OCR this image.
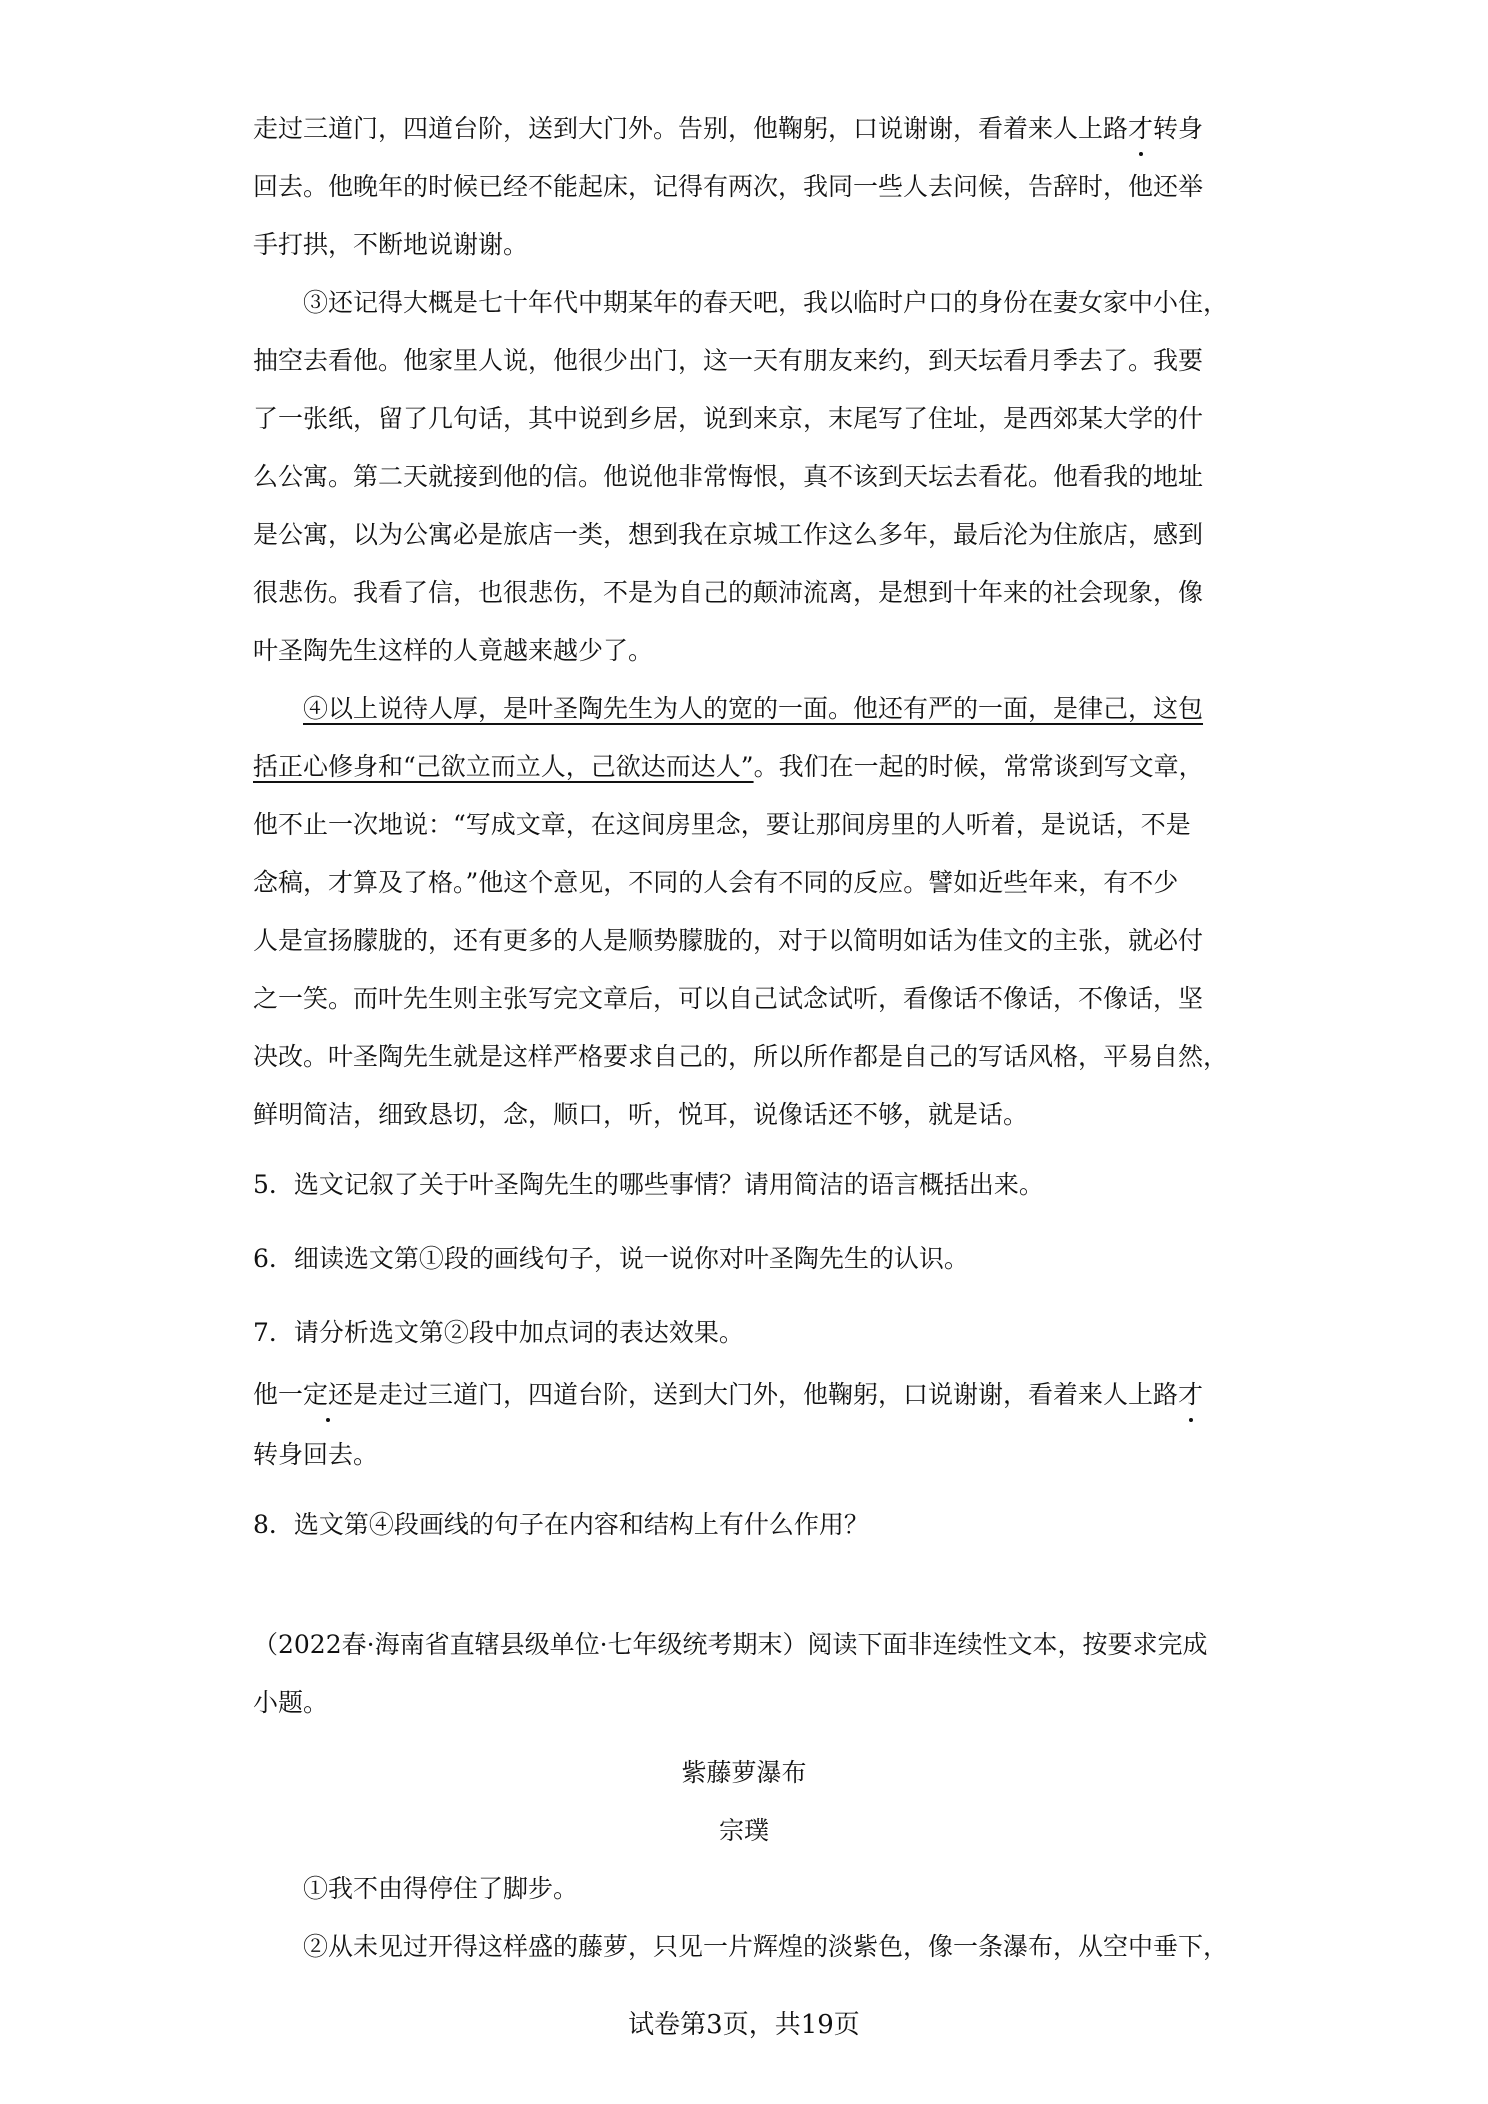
走过三道门，四道台阶，送到大门外。告别，他鞠躬，口说谢谢，看着来人上路才转身
回去。他晚年的时候已经不能起床，记得有两次，我同一些人去问候，告辞时，他还举
手打拱，不断地说谢谢。
③还记得大概是七十年代中期某年的春天吧，我以临时户口的身份在妻女家中小住，
抽空去看他。他家里人说，他很少出门，这一天有朋友来约，到天坛看月季去了。我要
了一张纸，留了几句话，其中说到乡居，说到来京，末尾写了住址，是西郊某大学的什
么公寓。第二天就接到他的信。他说他非常悔恨，真不该到天坛去看花。他看我的地址
是公寓，以为公寓必是旅店一类，想到我在京城工作这么多年，最后沦为住旅店，感到
很悲伤。我看了信，也很悲伤，不是为自己的颠沛流离，是想到十年来的社会现象，像
叶圣陶先生这样的人竟越来越少了。
④以上说待人厚，是叶圣陶先生为人的宽的一面。他还有严的一面，是律己，这包
括正心修身和“己欲立而立人，己欲达而达人”。我们在一起的时候，常常谈到写文章，
他不止一次地说：“写成文章，在这间房里念，要让那间房里的人听着，是说话，不是
念稿，才算及了格。”他这个意见，不同的人会有不同的反应。譬如近些年来，有不少
人是宣扬朦胧的，还有更多的人是顺势朦胧的，对于以简明如话为佳文的主张，就必付
之一笑。而叶先生则主张写完文章后，可以自己试念试听，看像话不像话，不像话，坚
决改。叶圣陶先生就是这样严格要求自己的，所以所作都是自己的写话风格，平易自然，
鲜明简洁，细致恳切，念，顺口，听，悦耳，说像话还不够，就是话。
5．选文记叙了关于叶圣陶先生的哪些事情？请用简洁的语言概括出来。
6．细读选文第①段的画线句子，说一说你对叶圣陶先生的认识。
7．请分析选文第②段中加点词的表达效果。
他一定还是走过三道门，四道台阶，送到大门外，他鞠躬，口说谢谢，看着来人上路才
转身回去。
8．选文第④段画线的句子在内容和结构上有什么作用？
（2022春·海南省直辖县级单位·七年级统考期末）阅读下面非连续性文本，按要求完成
小题。
紫藤萝瀑布
宗璞
①我不由得停住了脚步。
②从未见过开得这样盛的藤萝，只见一片辉煌的淡紫色，像一条瀑布，从空中垂下，
试卷第3页，共19页
